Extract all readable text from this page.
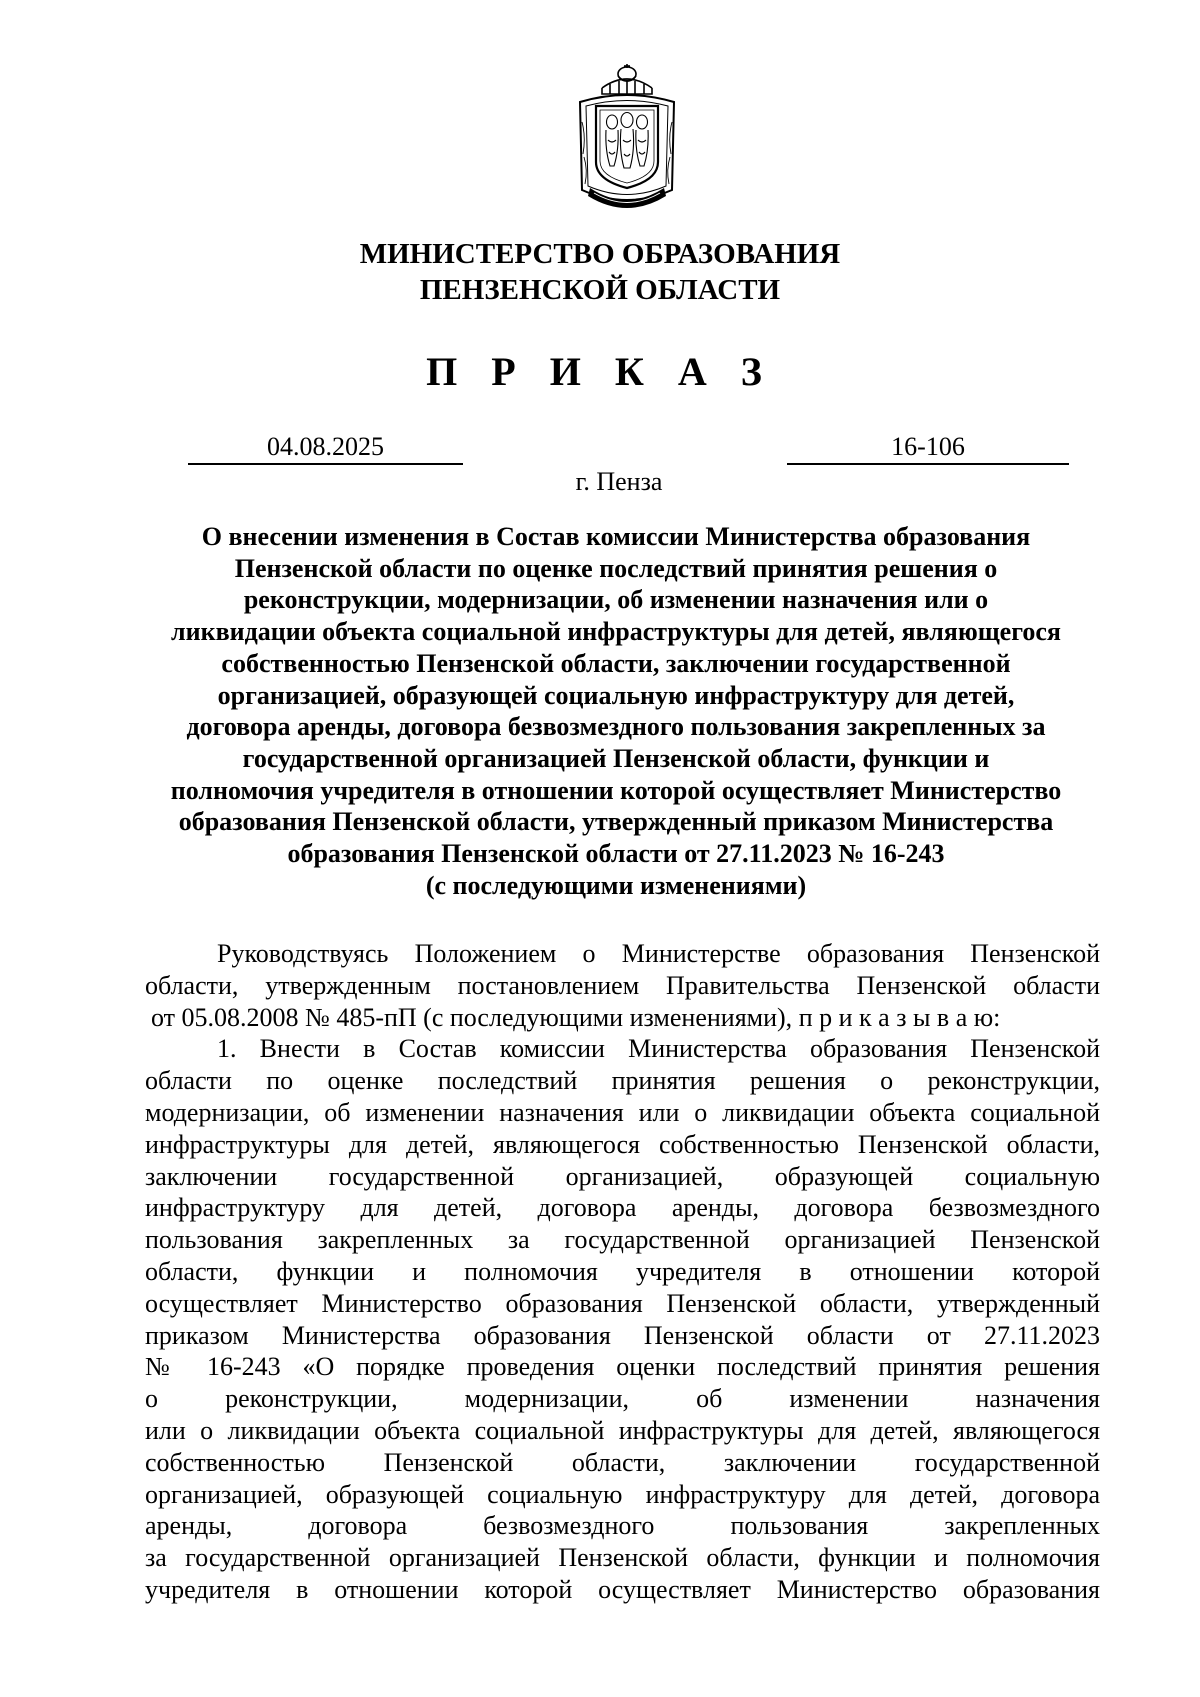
МИНИСТЕРСТВО ОБРАЗОВАНИЯ
ПЕНЗЕНСКОЙ ОБЛАСТИ
П Р И К А З
04.08.2025	16-106
г. Пенза
О внесении изменения в Состав комиссии Министерства образования
Пензенской области по оценке последствий принятия решения о
реконструкции, модернизации, об изменении назначения или о
ликвидации объекта социальной инфраструктуры для детей, являющегося
собственностью Пензенской области, заключении государственной
организацией, образующей социальную инфраструктуру для детей,
договора аренды, договора безвозмездного пользования закрепленных за
государственной организацией Пензенской области, функции и
полномочия учредителя в отношении которой осуществляет Министерство
образования Пензенской области, утвержденный приказом Министерства
образования Пензенской области от 27.11.2023 № 16-243
(с последующими изменениями)
Руководствуясь Положением о Министерстве образования Пензенской
области, утвержденным постановлением Правительства Пензенской области
от 05.08.2008 № 485-пП (с последующими изменениями), п р и к а з ы в а ю:
1. Внести в Состав комиссии Министерства образования Пензенской
области по оценке последствий принятия решения о реконструкции,
модернизации, об изменении назначения или о ликвидации объекта социальной
инфраструктуры для детей, являющегося собственностью Пензенской области,
заключении государственной организацией, образующей социальную
инфраструктуру для детей, договора аренды, договора безвозмездного
пользования закрепленных за государственной организацией Пензенской
области, функции и полномочия учредителя в отношении которой
осуществляет Министерство образования Пензенской области, утвержденный
приказом Министерства образования Пензенской области от 27.11.2023
№ 16-243 «О порядке проведения оценки последствий принятия решения
о реконструкции, модернизации, об изменении назначения
или о ликвидации объекта социальной инфраструктуры для детей, являющегося
собственностью Пензенской области, заключении государственной
организацией, образующей социальную инфраструктуру для детей, договора
аренды, договора безвозмездного пользования закрепленных
за государственной организацией Пензенской области, функции и полномочия
учредителя в отношении которой осуществляет Министерство образования
